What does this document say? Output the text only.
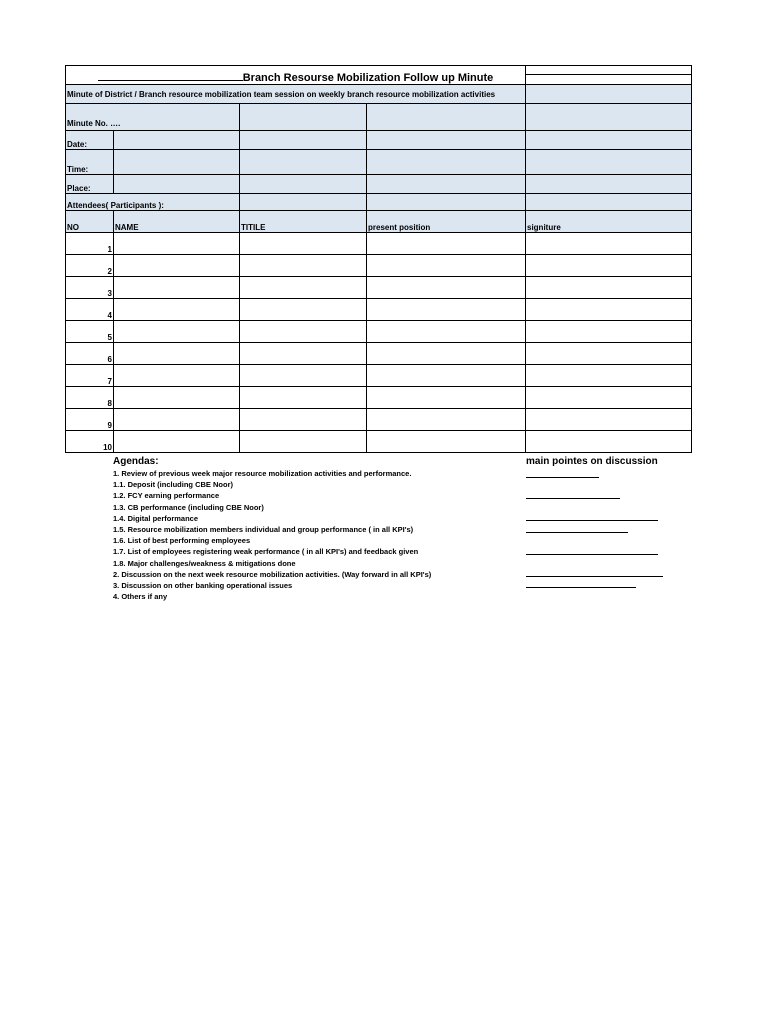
Branch Resourse Mobilization Follow up Minute				

Minute of District / Branch resource mobilization team session on weekly branch resource mobilization activities				
Minute No. ….				
Date:				
Time:				
Place:				
Attendees( Participants ):				
NO	NAME	TITILE	present position	signiture
1				
2				
3				
4				
5				
6				
7				
8				
9				
10				
Agendas:
1. Review of previous week major resource mobilization activities and performance.
1.1. Deposit (including CBE Noor)
1.2. FCY earning performance
1.3. CB performance (including CBE Noor)
1.4. Digital performance
1.5. Resource mobilization members individual and group performance ( in all KPI's)
1.6. List of best performing employees
1.7. List of employees registering weak performance ( in all KPI's) and feedback given
1.8. Major challenges/weakness & mitigations done
2. Discussion on the next week resource mobilization activities. (Way forward in all KPI's)
3. Discussion on other banking operational issues
4. Others if any
main pointes on discussion
